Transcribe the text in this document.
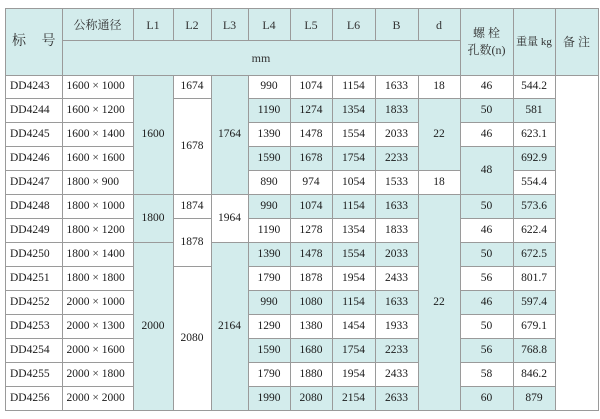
标 号	公称通径	L1	L2	L3	L4	L5	L6	B	d	螺 栓
孔数(n)	重量 kg	备 注
	mm											
DD4243	1600 × 1000	1600	1674	1764	990	1074	1154	1633	18	46	544.2	
DD4244	1600 × 1200		1678		1190	1274	1354	1833	22	50	581	
DD4245	1600 × 1400				1390	1478	1554	2033		46	623.1	
DD4246	1600 × 1600				1590	1678	1754	2233		48	692.9	
DD4247	1800 × 900				890	974	1054	1533	18		554.4	
DD4248	1800 × 1000	1800	1874	1964	990	1074	1154	1633	22	50	573.6	
DD4249	1800 × 1200		1878		1190	1278	1354	1833		46	622.4	
DD4250	1800 × 1400	2000		2164	1390	1478	1554	2033		50	672.5	
DD4251	1800 × 1800		2080		1790	1878	1954	2433		56	801.7	
DD4252	2000 × 1000				990	1080	1154	1633		46	597.4	
DD4253	2000 × 1300				1290	1380	1454	1933		50	679.1	
DD4254	2000 × 1600				1590	1680	1754	2233		56	768.8	
DD4255	2000 × 1800				1790	1880	1954	2433		58	846.2	
DD4256	2000 × 2000				1990	2080	2154	2633		60	879	
